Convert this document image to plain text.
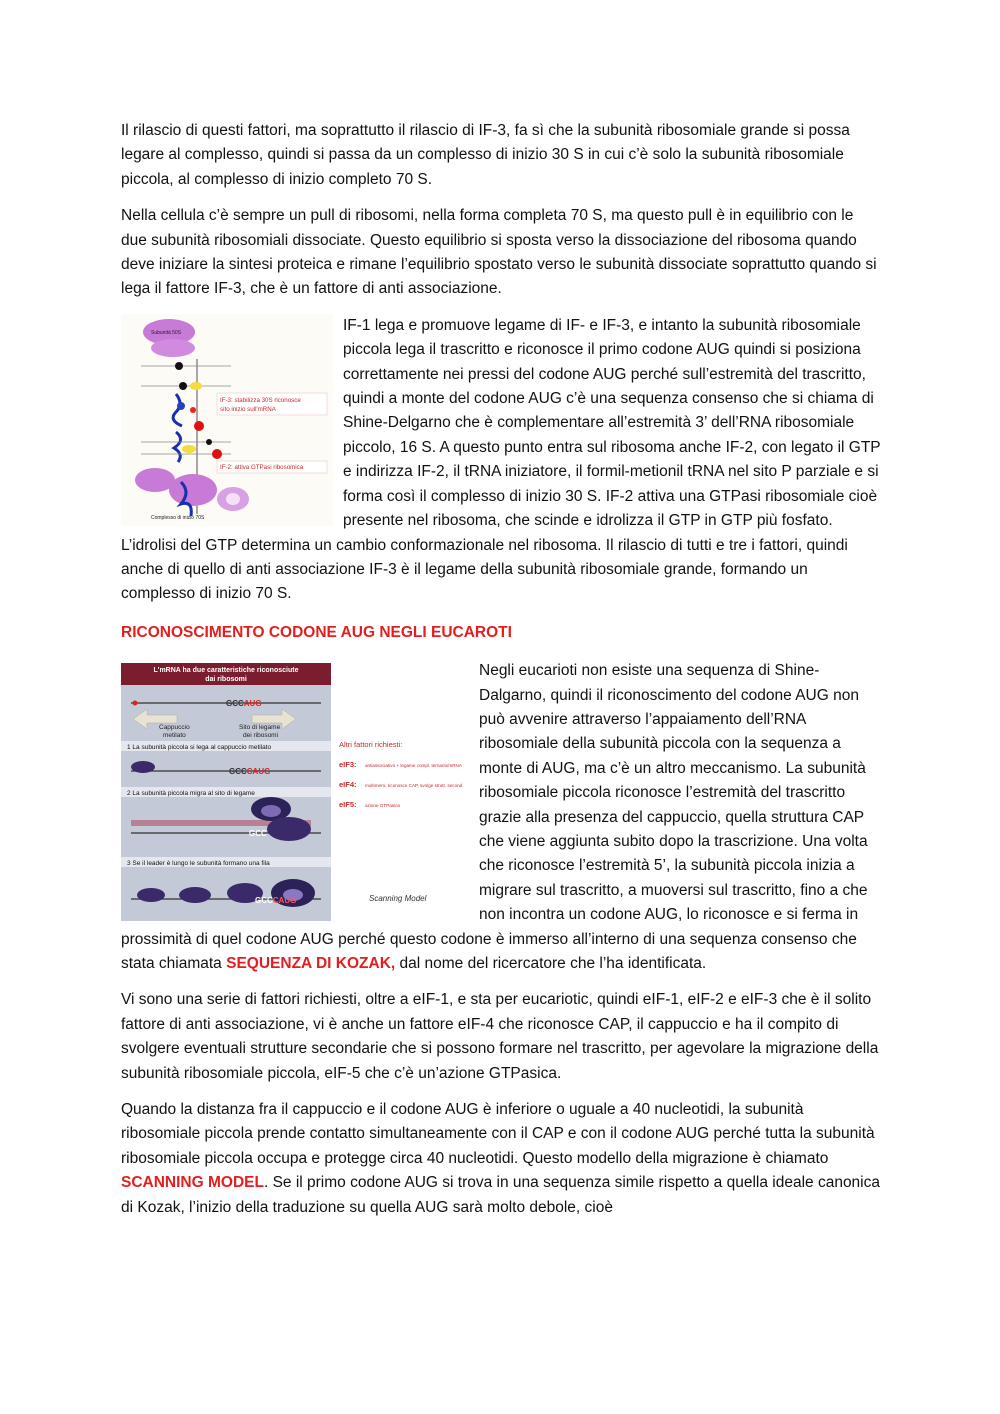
Il rilascio di questi fattori, ma soprattutto il rilascio di IF-3, fa sì che la subunità ribosomiale grande si possa legare al complesso, quindi si passa da un complesso di inizio 30 S in cui c’è solo la subunità ribosomiale piccola, al complesso di inizio completo 70 S.

Nella cellula c’è sempre un pull di ribosomi, nella forma completa 70 S, ma questo pull è in equilibrio con le due subunità ribosomiali dissociate. Questo equilibrio si sposta verso la dissociazione del ribosoma quando deve iniziare la sintesi proteica e rimane l’equilibrio spostato verso le subunità dissociate soprattutto quando si lega il fattore IF-3, che è un fattore di anti associazione.

Subunità 50S
IF-3: stabilizza 30S riconosce
sito inizio sull'mRNA
IF-2: attiva GTPasi ribosomica
Complesso di inizio 70S

IF-1 lega e promuove legame di IF- e IF-3, e intanto la subunità ribosomiale piccola lega il trascritto e riconosce il primo codone AUG quindi si posiziona correttamente nei pressi del codone AUG perché sull’estremità del trascritto, quindi a monte del codone AUG c’è una sequenza consenso che si chiama di Shine-Delgarno che è complementare all’estremità 3’ dell’RNA ribosomiale piccolo, 16 S. A questo punto entra sul ribosoma anche IF-2, con legato il GTP e indirizza IF-2, il tRNA iniziatore, il formil-metionil tRNA nel sito P parziale e si forma così il complesso di inizio 30 S. IF-2 attiva una GTPasi ribosomiale cioè presente nel ribosoma, che scinde e idrolizza il GTP in GTP più fosfato. L’idrolisi del GTP determina un cambio conformazionale nel ribosoma. Il rilascio di tutti e tre i fattori, quindi anche di quello di anti associazione IF-3 è il legame della subunità ribosomiale grande, formando un complesso di inizio 70 S.

RICONOSCIMENTO CODONE AUG NEGLI EUCAROTI
L'mRNA ha due caratteristiche riconosciute
dai ribosomi
GCCAUG
Cappuccio
metilato
Sito di legame
dei ribosomi
1 La subunità piccola si lega al cappuccio metilato
GCCCAUG
2 La subunità piccola migra al sito di legame
GCC
3 Se il leader è lungo le subunità formano una fila
GCCCAUG
Altri fattori richiesti:
eIF3: antiassociativo + legame compl. ternario/mRNA
eIF4: multimero, riconosce CAP, svolge strutt. second.
eIF5: azione GTPasica
Scanning Model

Negli eucarioti non esiste una sequenza di Shine-Dalgarno, quindi il riconoscimento del codone AUG non può avvenire attraverso l’appaiamento dell’RNA ribosomiale della subunità piccola con la sequenza a monte di AUG, ma c’è un altro meccanismo. La subunità ribosomiale piccola riconosce l’estremità del trascritto grazie alla presenza del cappuccio, quella struttura CAP che viene aggiunta subito dopo la trascrizione. Una volta che riconosce l’estremità 5’, la subunità piccola inizia a migrare sul trascritto, a muoversi sul trascritto, fino a che non incontra un codone AUG, lo riconosce e si ferma in prossimità di quel codone AUG perché questo codone è immerso all’interno di una sequenza consenso che stata chiamata SEQUENZA DI KOZAK, dal nome del ricercatore che l’ha identificata.

Vi sono una serie di fattori richiesti, oltre a eIF-1, e sta per eucariotic, quindi eIF-1, eIF-2 e eIF-3 che è il solito fattore di anti associazione, vi è anche un fattore eIF-4 che riconosce CAP, il cappuccio e ha il compito di svolgere eventuali strutture secondarie che si possono formare nel trascritto, per agevolare la migrazione della subunità ribosomiale piccola, eIF-5 che c’è un’azione GTPasica.

Quando la distanza fra il cappuccio e il codone AUG è inferiore o uguale a 40 nucleotidi, la subunità ribosomiale piccola prende contatto simultaneamente con il CAP e con il codone AUG perché tutta la subunità ribosomiale piccola occupa e protegge circa 40 nucleotidi. Questo modello della migrazione è chiamato SCANNING MODEL. Se il primo codone AUG si trova in una sequenza simile rispetto a quella ideale canonica di Kozak, l’inizio della traduzione su quella AUG sarà molto debole, cioè
